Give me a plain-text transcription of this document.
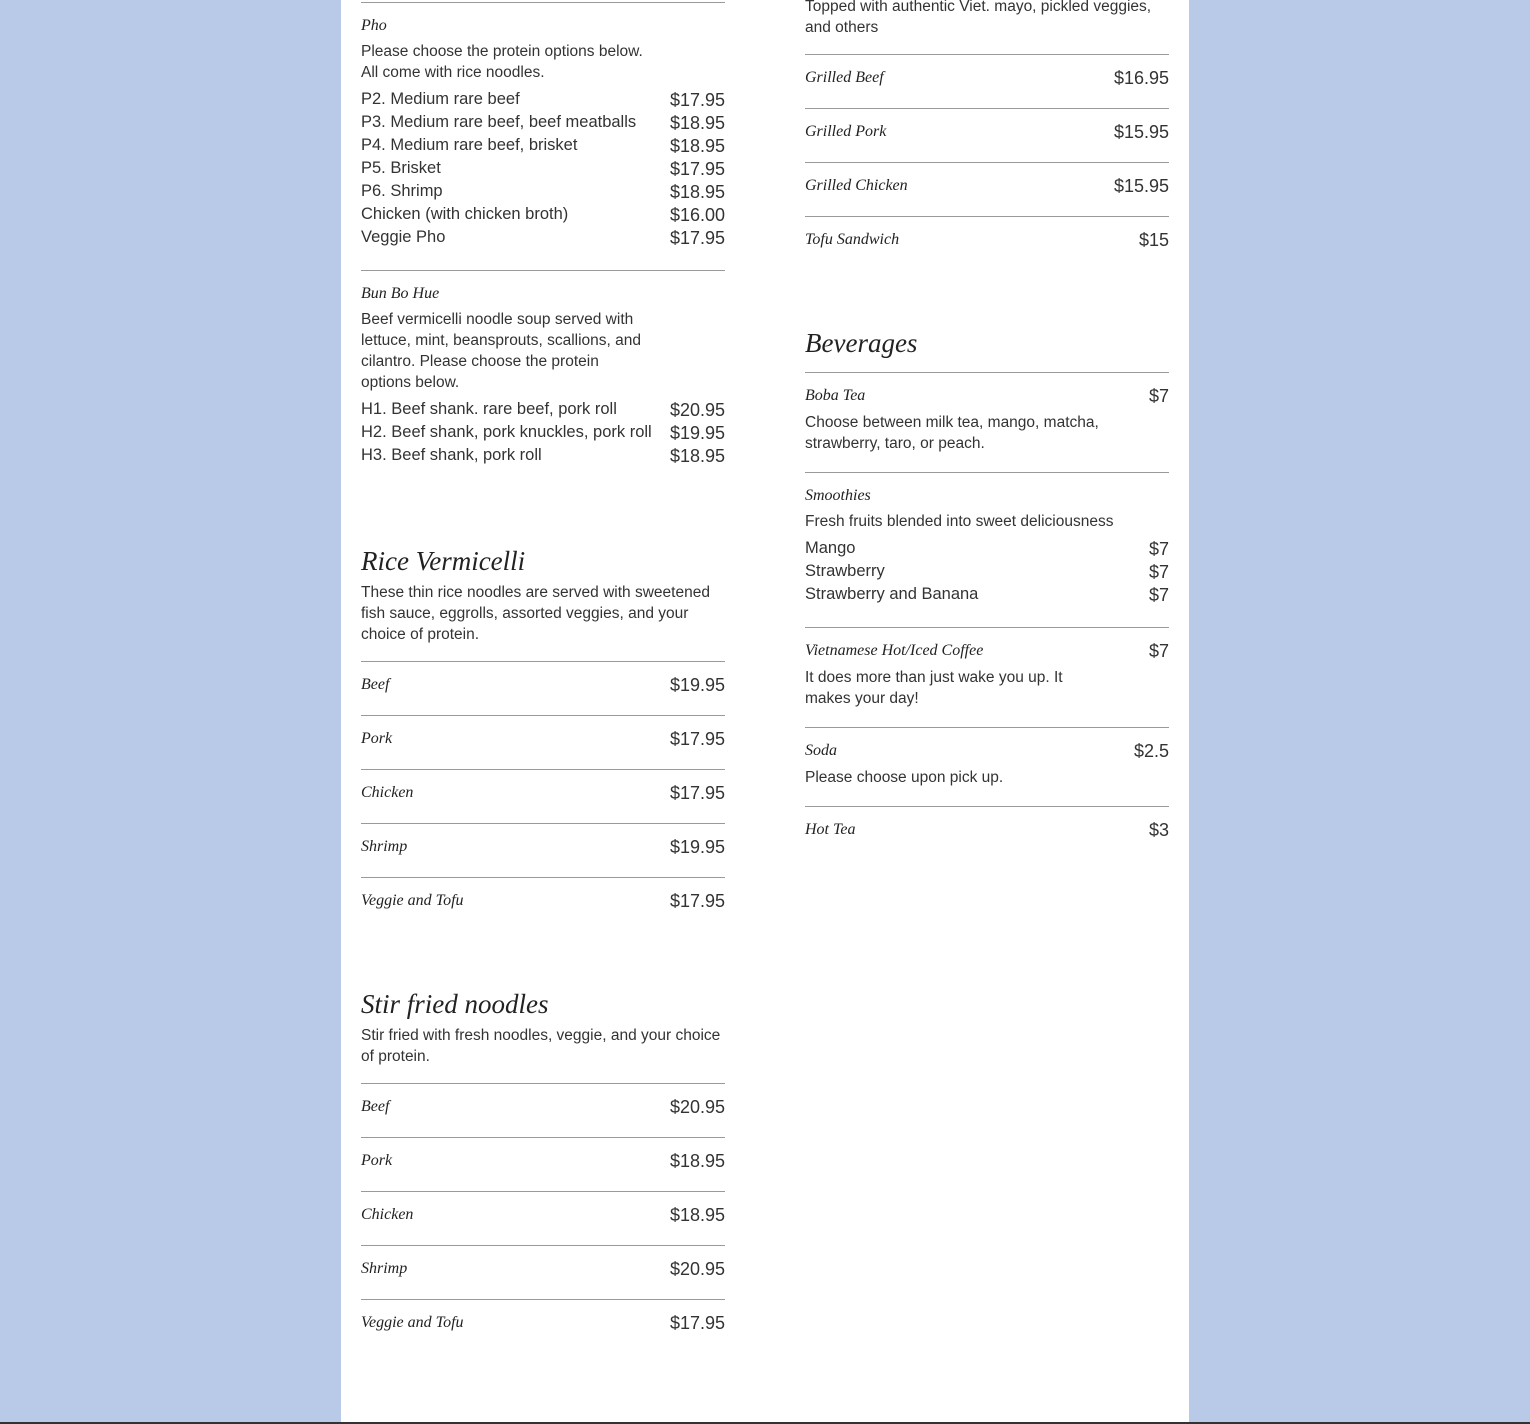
Pho
Please choose the protein options below. All come with rice noodles.
P2. Medium rare beef	$17.95
P3. Medium rare beef, beef meatballs $18.95
P4. Medium rare beef, brisket	$18.95
P5. Brisket	$17.95
P6. Shrimp	$18.95
Chicken (with chicken broth)	$16.00
Veggie Pho	$17.95
Bun Bo Hue
Beef vermicelli noodle soup served with lettuce, mint, beansprouts, scallions, and cilantro. Please choose the protein options below.
H1. Beef shank. rare beef, pork roll	$20.95
H2. Beef shank, pork knuckles, pork roll $19.95
H3. Beef shank, pork roll	$18.95
Rice Vermicelli
These thin rice noodles are served with sweetened fish sauce, eggrolls, assorted veggies, and your choice of protein.
Beef	$19.95
Pork	$17.95
Chicken	$17.95
Shrimp	$19.95
Veggie and Tofu	$17.95
Stir fried noodles
Stir fried with fresh noodles, veggie, and your choice of protein.
Beef	$20.95
Pork	$18.95
Chicken	$18.95
Shrimp	$20.95
Veggie and Tofu	$17.95
Topped with authentic Viet. mayo, pickled veggies, and others
Grilled Beef	$16.95
Grilled Pork	$15.95
Grilled Chicken	$15.95
Tofu Sandwich	$15
Beverages
Boba Tea	$7
Choose between milk tea, mango, matcha, strawberry, taro, or peach.
Smoothies
Fresh fruits blended into sweet deliciousness
Mango	$7
Strawberry	$7
Strawberry and Banana	$7
Vietnamese Hot/Iced Coffee	$7
It does more than just wake you up. It makes your day!
Soda	$2.5
Please choose upon pick up.
Hot Tea	$3
